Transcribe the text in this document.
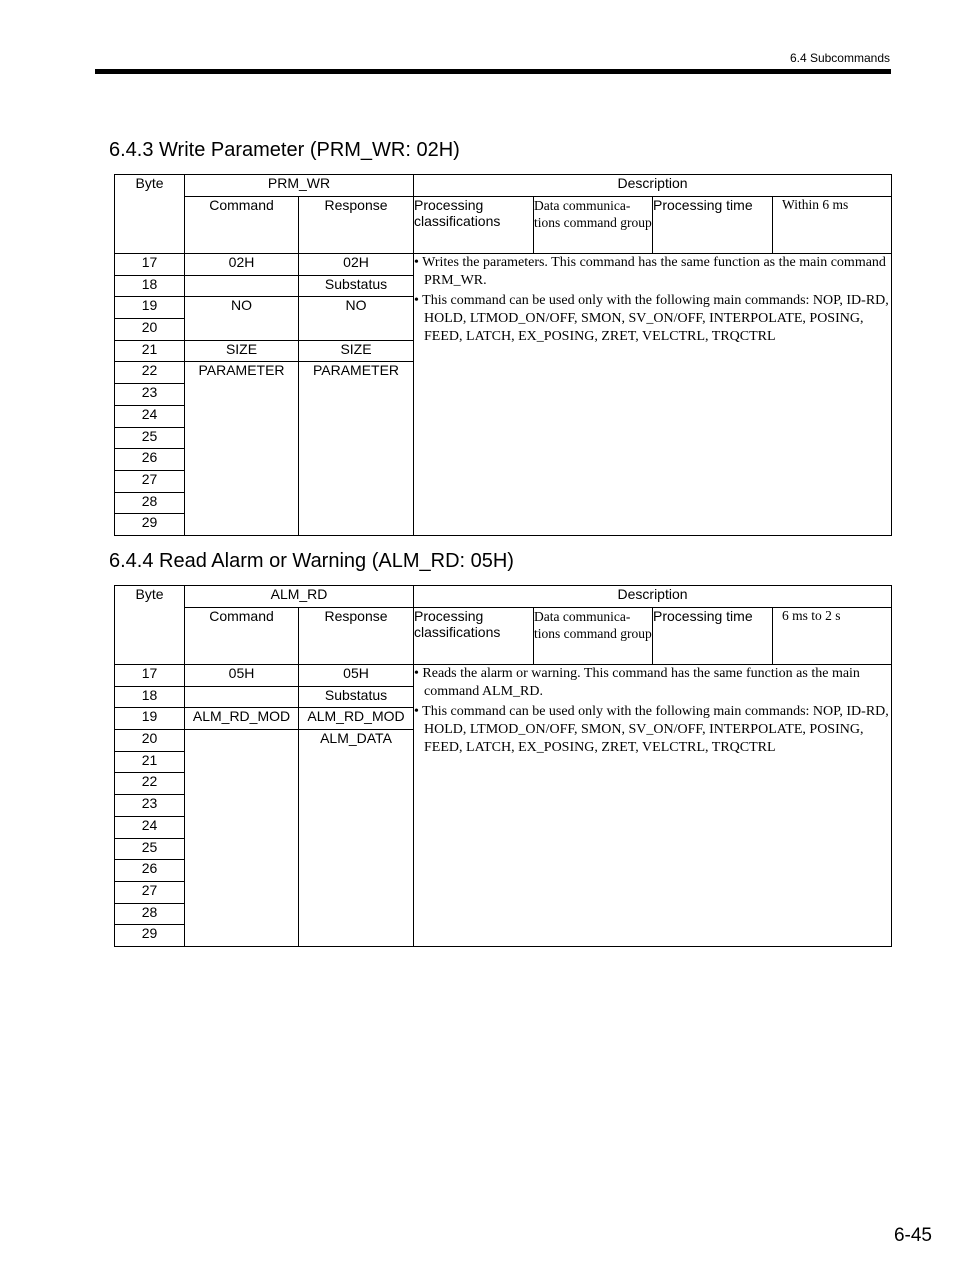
6.4 Subcommands
6.4.3 Write Parameter (PRM_WR: 02H)
Byte	PRM_WR		Description			
	Command	Response	Processing classifications	Data communica-tions command group	Processing time	Within 6 ms
17	02H	02H	• Writes the parameters. This command has the same function as the main command PRM_WR.
• This command can be used only with the following main commands: NOP, ID-RD, HOLD, LTMOD_ON/OFF, SMON, SV_ON/OFF, INTERPOLATE, POSING, FEED, LATCH, EX_POSING, ZRET, VELCTRL, TRQCTRL			

18		Substatus				
19	NO	NO				
20						
21	SIZE	SIZE				
22	PARAMETER	PARAMETER				
23						
24						
25						
26						
27						
28						
29						
6.4.4 Read Alarm or Warning (ALM_RD: 05H)
Byte	ALM_RD		Description			
	Command	Response	Processing classifications	Data communica-tions command group	Processing time	6 ms to 2 s
17	05H	05H	• Reads the alarm or warning. This command has the same function as the main command ALM_RD.
• This command can be used only with the following main commands: NOP, ID-RD, HOLD, LTMOD_ON/OFF, SMON, SV_ON/OFF, INTERPOLATE, POSING, FEED, LATCH, EX_POSING, ZRET, VELCTRL, TRQCTRL			

18		Substatus				
19	ALM_RD_MOD	ALM_RD_MOD				
20		ALM_DATA				
21						
22						
23						
24						
25						
26						
27						
28						
29						
6-45
